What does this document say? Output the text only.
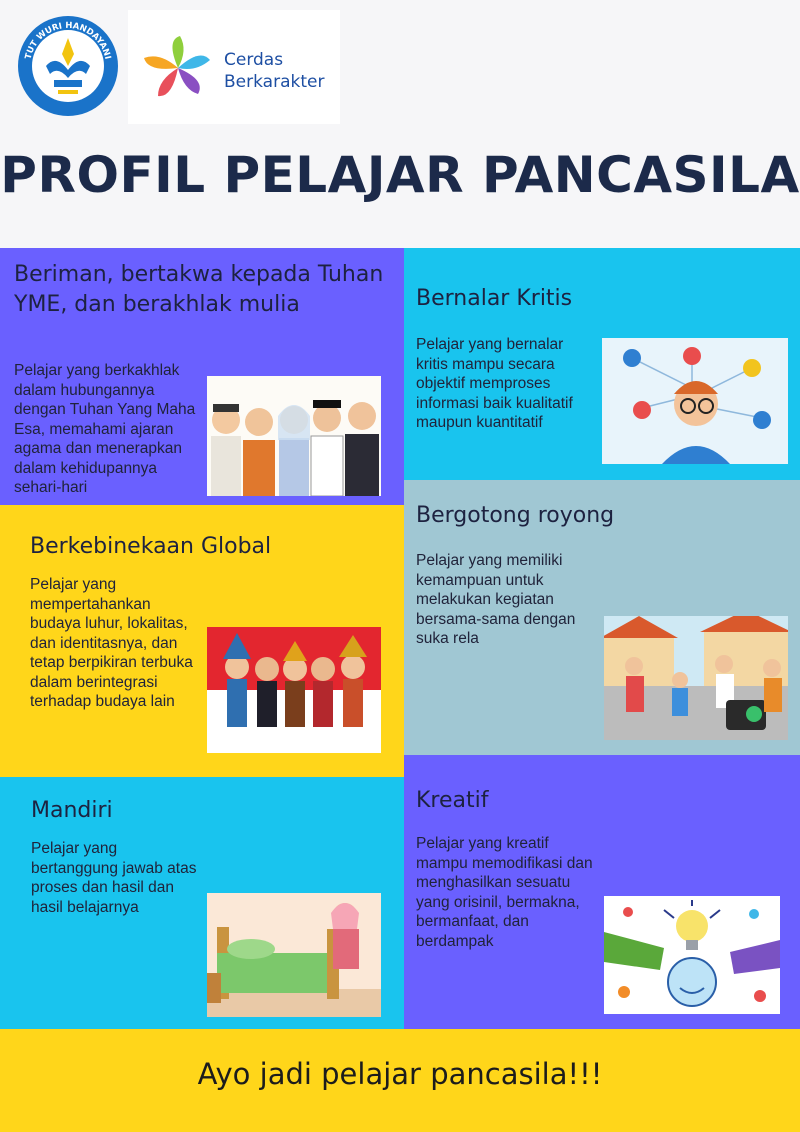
TUT WURI HANDAYANI	Cerdas
Berkarakter
PROFIL PELAJAR PANCASILA
Beriman, bertakwa kepada Tuhan YME, dan berakhlak mulia
Pelajar yang berkakhlak dalam hubungannya dengan Tuhan Yang Maha Esa, memahami ajaran agama dan menerapkan dalam kehidupannya sehari-hari
Bernalar Kritis
Pelajar yang bernalar kritis mampu secara objektif memproses informasi baik kualitatif maupun kuantitatif
Bergotong royong
Pelajar yang memiliki kemampuan untuk melakukan kegiatan bersama-sama dengan suka rela
Berkebinekaan Global
Pelajar yang mempertahankan budaya luhur, lokalitas, dan identitasnya, dan tetap berpikiran terbuka dalam berintegrasi terhadap budaya lain
Mandiri
Pelajar yang bertanggung jawab atas proses dan hasil dan hasil belajarnya
Kreatif
Pelajar yang kreatif mampu memodifikasi dan menghasilkan sesuatu yang orisinil, bermakna, bermanfaat, dan berdampak
Ayo jadi pelajar pancasila!!!
